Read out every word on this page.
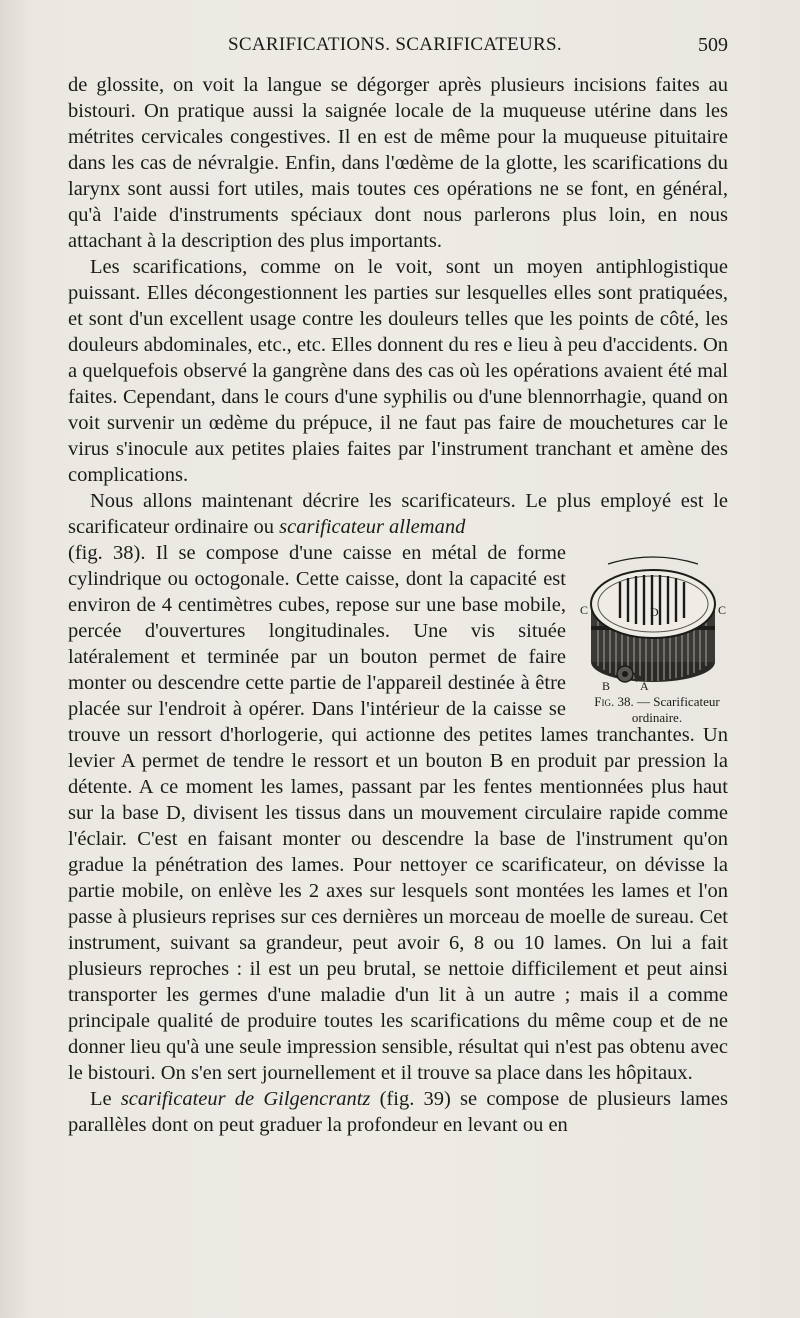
SCARIFICATIONS. SCARIFICATEURS.	509

de glossite, on voit la langue se dégorger après plusieurs incisions faites au bistouri. On pratique aussi la saignée locale de la muqueuse utérine dans les métrites cervicales congestives. Il en est de même pour la muqueuse pituitaire dans les cas de névralgie. Enfin, dans l'œdème de la glotte, les scarifications du larynx sont aussi fort utiles, mais toutes ces opérations ne se font, en général, qu'à l'aide d'instruments spéciaux dont nous parlerons plus loin, en nous attachant à la description des plus importants.

Les scarifications, comme on le voit, sont un moyen antiphlogistique puissant. Elles décongestionnent les parties sur lesquelles elles sont pratiquées, et sont d'un excellent usage contre les douleurs telles que les points de côté, les douleurs abdominales, etc., etc. Elles donnent du res e lieu à peu d'accidents. On a quelquefois observé la gangrène dans des cas où les opérations avaient été mal faites. Cependant, dans le cours d'une syphilis ou d'une blennorrhagie, quand on voit survenir un œdème du prépuce, il ne faut pas faire de mouchetures car le virus s'inocule aux petites plaies faites par l'instrument tranchant et amène des complications.

Nous allons maintenant décrire les scarificateurs. Le plus employé est le scarificateur ordinaire ou scarificateur allemand

C	C
D
B A
Fig. 38. — Scarificateur ordinaire.

(fig. 38). Il se compose d'une caisse en métal de forme cylindrique ou octogonale. Cette caisse, dont la capacité est environ de 4 centimètres cubes, repose sur une base mobile, percée d'ouvertures longitudinales. Une vis située latéralement et terminée par un bouton permet de faire monter ou descendre cette partie de l'appareil destinée à être placée sur l'endroit à opérer. Dans l'intérieur de la caisse se trouve un ressort d'horlogerie, qui actionne des petites lames tranchantes. Un levier A permet de tendre le ressort et un bouton B en produit par pression la détente. A ce moment les lames, passant par les fentes mentionnées plus haut sur la base D, divisent les tissus dans un mouvement circulaire rapide comme l'éclair. C'est en faisant monter ou descendre la base de l'instrument qu'on gradue la pénétration des lames. Pour nettoyer ce scarificateur, on dévisse la partie mobile, on enlève les 2 axes sur lesquels sont montées les lames et l'on passe à plusieurs reprises sur ces dernières un morceau de moelle de sureau. Cet instrument, suivant sa grandeur, peut avoir 6, 8 ou 10 lames. On lui a fait plusieurs reproches : il est un peu brutal, se nettoie difficilement et peut ainsi transporter les germes d'une maladie d'un lit à un autre ; mais il a comme principale qualité de produire toutes les scarifications du même coup et de ne donner lieu qu'à une seule impression sensible, résultat qui n'est pas obtenu avec le bistouri. On s'en sert journellement et il trouve sa place dans les hôpitaux.

Le scarificateur de Gilgencrantz (fig. 39) se compose de plusieurs lames parallèles dont on peut graduer la profondeur en levant ou en
